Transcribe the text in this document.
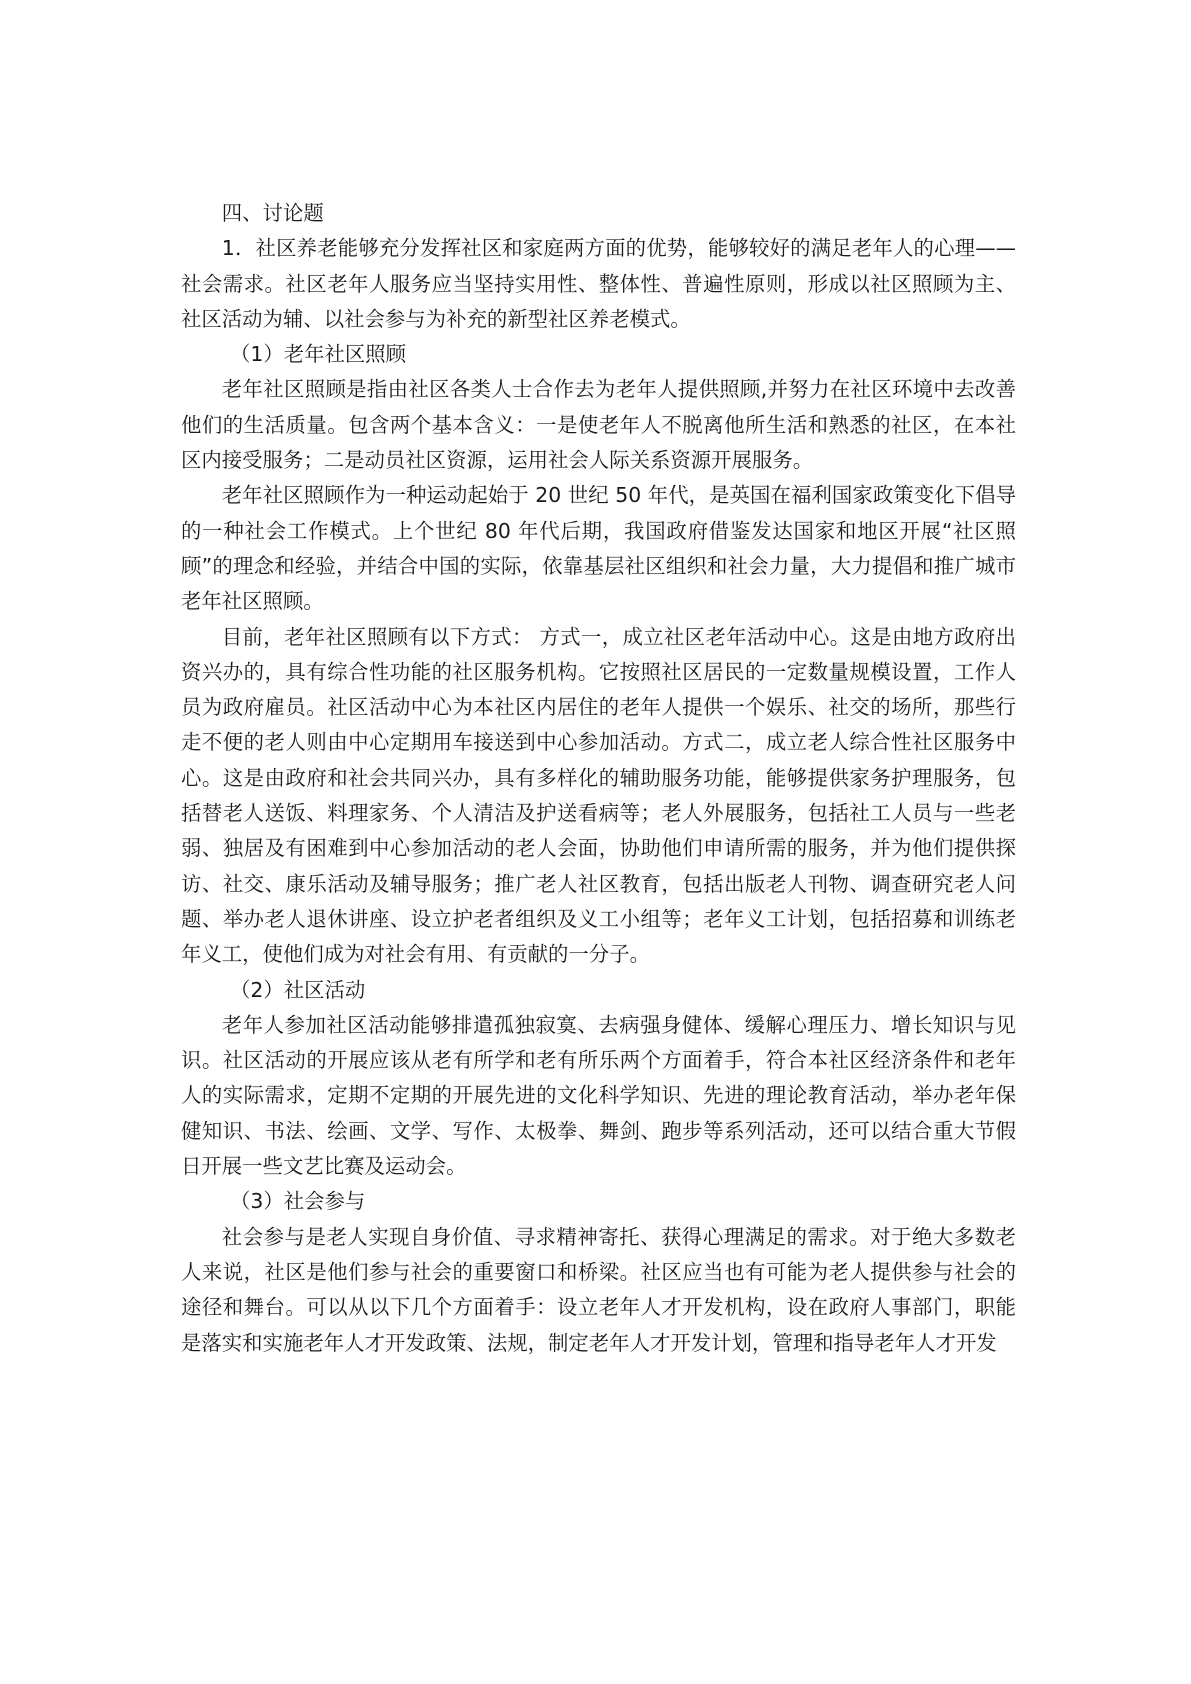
四、讨论题

1．社区养老能够充分发挥社区和家庭两方面的优势，能够较好的满足老年人的心理——社会需求。社区老年人服务应当坚持实用性、整体性、普遍性原则，形成以社区照顾为主、社区活动为辅、以社会参与为补充的新型社区养老模式。

（1）老年社区照顾

老年社区照顾是指由社区各类人士合作去为老年人提供照顾,并努力在社区环境中去改善他们的生活质量。包含两个基本含义：一是使老年人不脱离他所生活和熟悉的社区，在本社区内接受服务；二是动员社区资源，运用社会人际关系资源开展服务。

老年社区照顾作为一种运动起始于 20 世纪 50 年代，是英国在福利国家政策变化下倡导的一种社会工作模式。上个世纪 80 年代后期，我国政府借鉴发达国家和地区开展“社区照顾”的理念和经验，并结合中国的实际，依靠基层社区组织和社会力量，大力提倡和推广城市老年社区照顾。

目前，老年社区照顾有以下方式： 方式一，成立社区老年活动中心。这是由地方政府出资兴办的，具有综合性功能的社区服务机构。它按照社区居民的一定数量规模设置，工作人员为政府雇员。社区活动中心为本社区内居住的老年人提供一个娱乐、社交的场所，那些行走不便的老人则由中心定期用车接送到中心参加活动。方式二，成立老人综合性社区服务中心。这是由政府和社会共同兴办，具有多样化的辅助服务功能，能够提供家务护理服务，包括替老人送饭、料理家务、个人清洁及护送看病等；老人外展服务，包括社工人员与一些老弱、独居及有困难到中心参加活动的老人会面，协助他们申请所需的服务，并为他们提供探访、社交、康乐活动及辅导服务；推广老人社区教育，包括出版老人刊物、调查研究老人问题、举办老人退休讲座、设立护老者组织及义工小组等；老年义工计划，包括招募和训练老年义工，使他们成为对社会有用、有贡献的一分子。

（2）社区活动

老年人参加社区活动能够排遣孤独寂寞、去病强身健体、缓解心理压力、增长知识与见识。社区活动的开展应该从老有所学和老有所乐两个方面着手，符合本社区经济条件和老年人的实际需求，定期不定期的开展先进的文化科学知识、先进的理论教育活动，举办老年保健知识、书法、绘画、文学、写作、太极拳、舞剑、跑步等系列活动，还可以结合重大节假日开展一些文艺比赛及运动会。

（3）社会参与

社会参与是老人实现自身价值、寻求精神寄托、获得心理满足的需求。对于绝大多数老人来说，社区是他们参与社会的重要窗口和桥梁。社区应当也有可能为老人提供参与社会的途径和舞台。可以从以下几个方面着手：设立老年人才开发机构，设在政府人事部门，职能是落实和实施老年人才开发政策、法规，制定老年人才开发计划，管理和指导老年人才开发
